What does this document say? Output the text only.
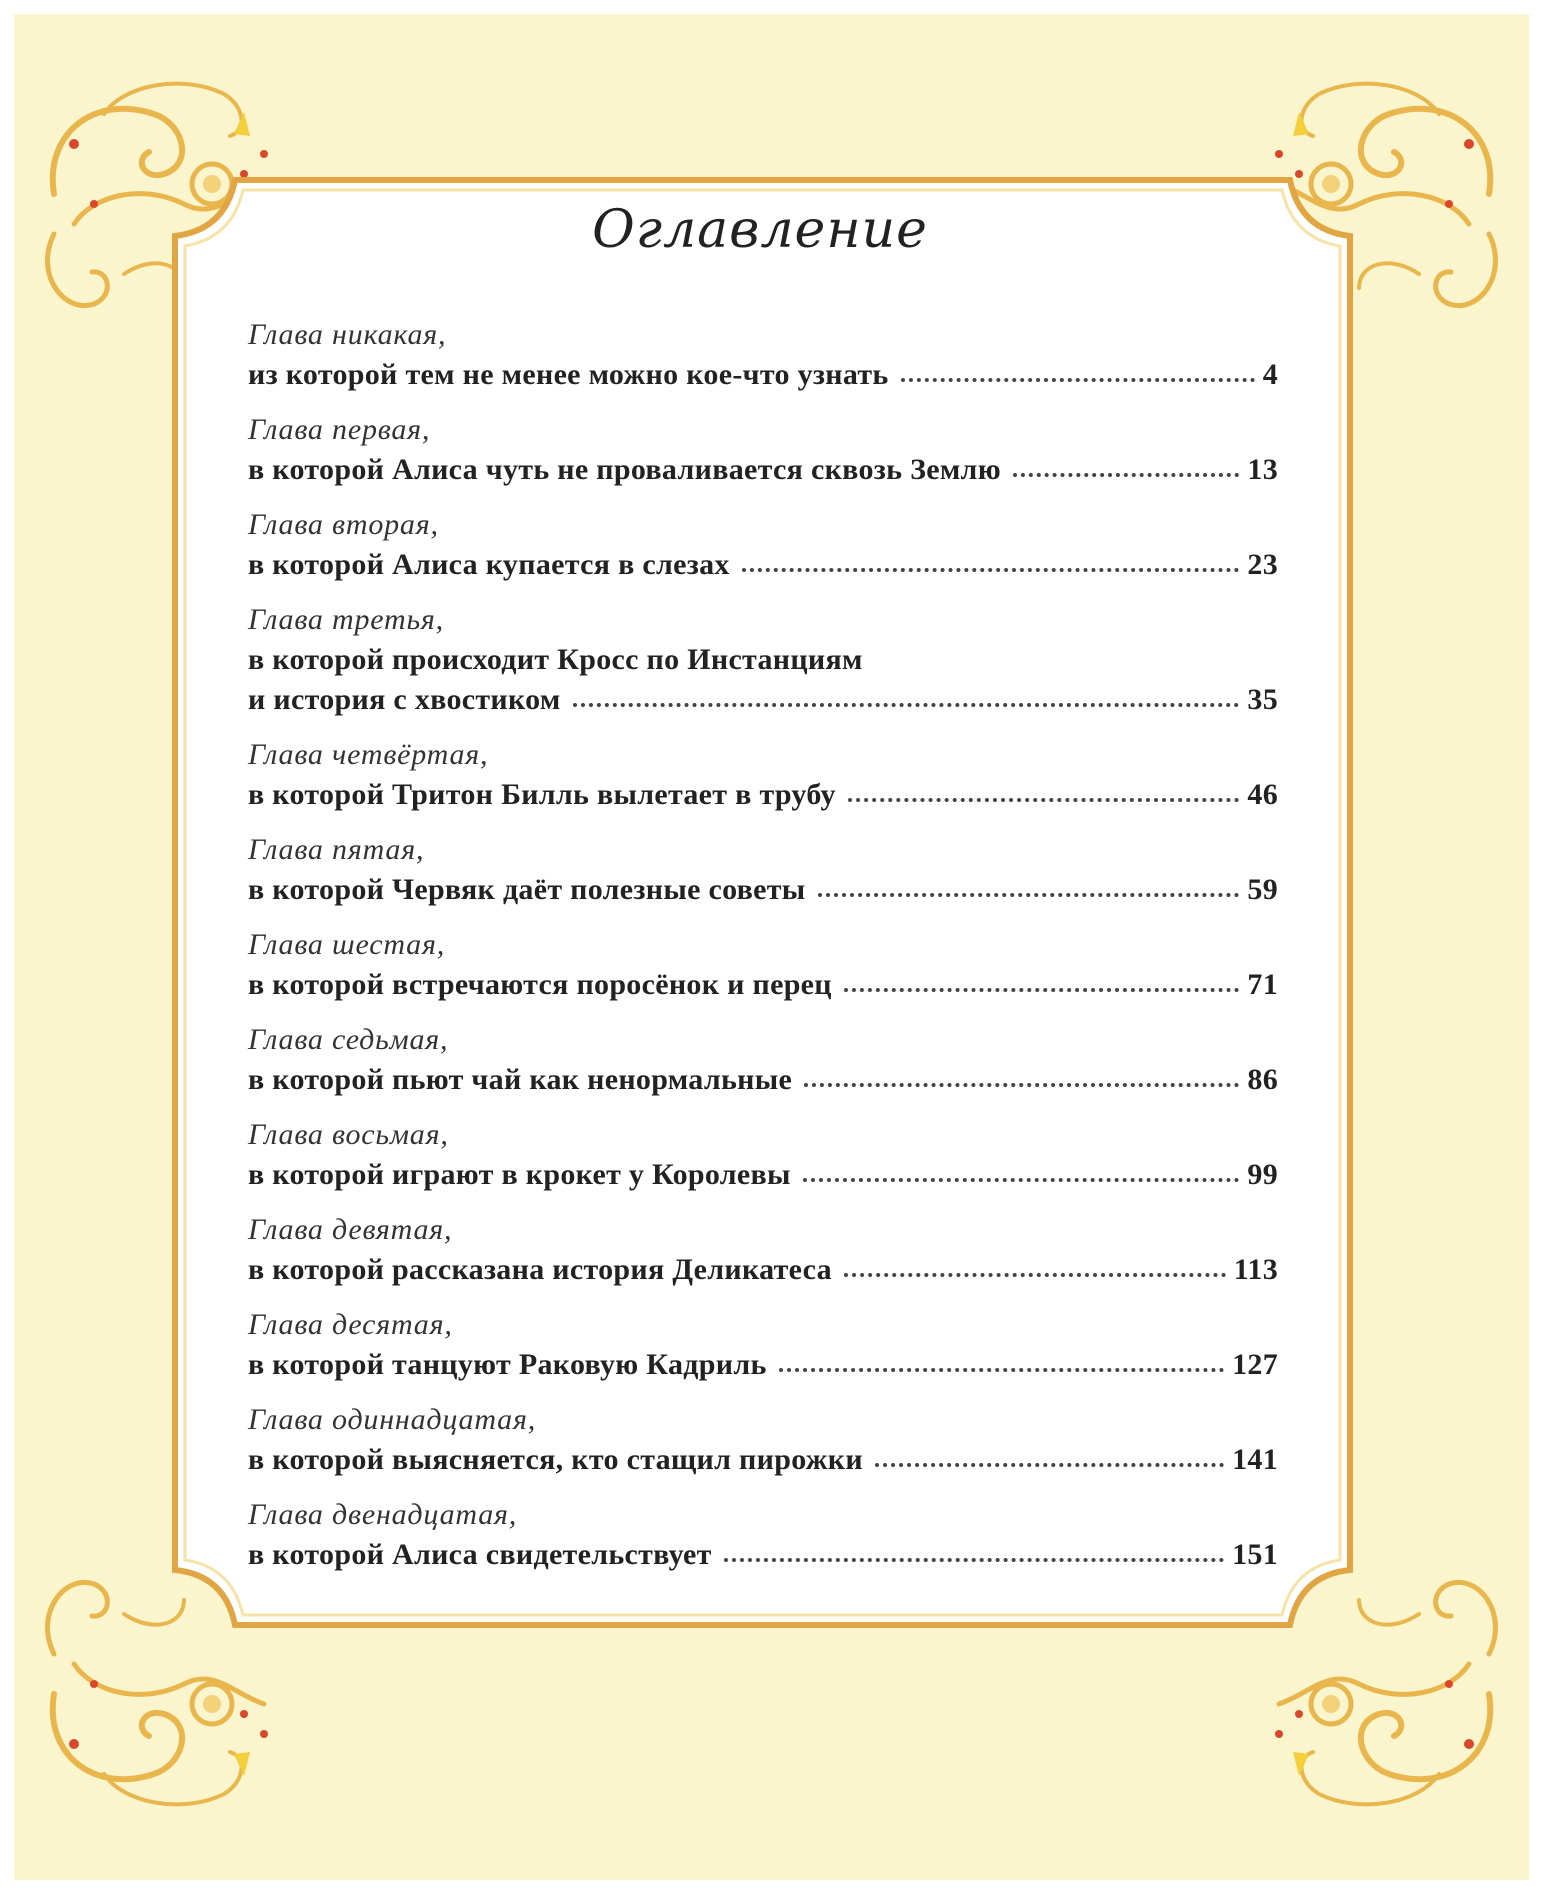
Оглавление
Глава никакая,
из которой тем не менее можно кое-что узнать	4
Глава первая,
в которой Алиса чуть не проваливается сквозь Землю	13
Глава вторая,
в которой Алиса купается в слезах	23
Глава третья,
в которой происходит Кросс по Инстанциям
и история с хвостиком	35
Глава четвёртая,
в которой Тритон Билль вылетает в трубу	46
Глава пятая,
в которой Червяк даёт полезные советы	59
Глава шестая,
в которой встречаются поросёнок и перец	71
Глава седьмая,
в которой пьют чай как ненормальные	86
Глава восьмая,
в которой играют в крокет у Королевы	99
Глава девятая,
в которой рассказана история Деликатеса	113
Глава десятая,
в которой танцуют Раковую Кадриль	127
Глава одиннадцатая,
в которой выясняется, кто стащил пирожки	141
Глава двенадцатая,
в которой Алиса свидетельствует	151
